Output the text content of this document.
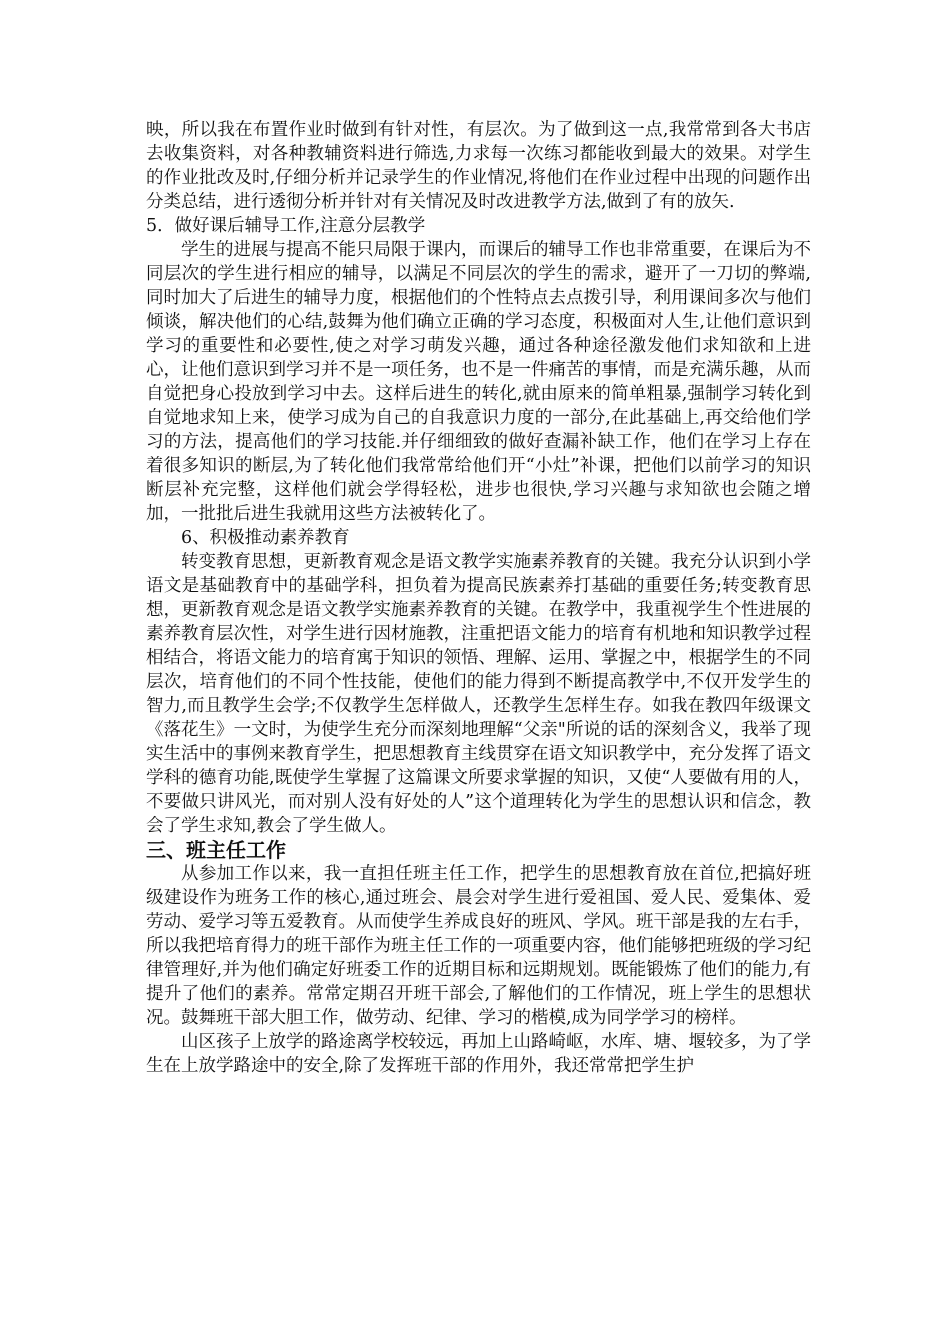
映，所以我在布置作业时做到有针对性，有层次。为了做到这一点,我常常到各大书店去收集资料，对各种教辅资料进行筛选,力求每一次练习都能收到最大的效果。对学生的作业批改及时,仔细分析并记录学生的作业情况,将他们在作业过程中出现的问题作出分类总结，进行透彻分析并针对有关情况及时改进教学方法,做到了有的放矢.

5．做好课后辅导工作,注意分层教学

学生的进展与提高不能只局限于课内，而课后的辅导工作也非常重要，在课后为不同层次的学生进行相应的辅导，以满足不同层次的学生的需求，避开了一刀切的弊端,同时加大了后进生的辅导力度，根据他们的个性特点去点拨引导，利用课间多次与他们倾谈，解决他们的心结,鼓舞为他们确立正确的学习态度，积极面对人生,让他们意识到学习的重要性和必要性,使之对学习萌发兴趣，通过各种途径激发他们求知欲和上进心，让他们意识到学习并不是一项任务，也不是一件痛苦的事情，而是充满乐趣，从而自觉把身心投放到学习中去。这样后进生的转化,就由原来的简单粗暴,强制学习转化到自觉地求知上来，使学习成为自己的自我意识力度的一部分,在此基础上,再交给他们学习的方法，提高他们的学习技能.并仔细细致的做好查漏补缺工作，他们在学习上存在着很多知识的断层,为了转化他们我常常给他们开“小灶”补课，把他们以前学习的知识断层补充完整，这样他们就会学得轻松，进步也很快,学习兴趣与求知欲也会随之增加，一批批后进生我就用这些方法被转化了。

6、积极推动素养教育

转变教育思想，更新教育观念是语文教学实施素养教育的关键。我充分认识到小学语文是基础教育中的基础学科，担负着为提高民族素养打基础的重要任务;转变教育思想，更新教育观念是语文教学实施素养教育的关键。在教学中，我重视学生个性进展的素养教育层次性，对学生进行因材施教，注重把语文能力的培育有机地和知识教学过程相结合，将语文能力的培育寓于知识的领悟、理解、运用、掌握之中，根据学生的不同层次，培育他们的不同个性技能，使他们的能力得到不断提高教学中,不仅开发学生的智力,而且教学生会学;不仅教学生怎样做人，还教学生怎样生存。如我在教四年级课文《落花生》一文时，为使学生充分而深刻地理解“父亲"所说的话的深刻含义，我举了现实生活中的事例来教育学生，把思想教育主线贯穿在语文知识教学中，充分发挥了语文学科的德育功能,既使学生掌握了这篇课文所要求掌握的知识，又使“人要做有用的人，不要做只讲风光，而对别人没有好处的人”这个道理转化为学生的思想认识和信念，教会了学生求知,教会了学生做人。

三、班主任工作

从参加工作以来，我一直担任班主任工作，把学生的思想教育放在首位,把搞好班级建设作为班务工作的核心,通过班会、晨会对学生进行爱祖国、爱人民、爱集体、爱劳动、爱学习等五爱教育。从而使学生养成良好的班风、学风。班干部是我的左右手，所以我把培育得力的班干部作为班主任工作的一项重要内容，他们能够把班级的学习纪律管理好,并为他们确定好班委工作的近期目标和远期规划。既能锻炼了他们的能力,有提升了他们的素养。常常定期召开班干部会,了解他们的工作情况，班上学生的思想状况。鼓舞班干部大胆工作，做劳动、纪律、学习的楷模,成为同学学习的榜样。

山区孩子上放学的路途离学校较远，再加上山路崎岖，水库、塘、堰较多，为了学生在上放学路途中的安全,除了发挥班干部的作用外，我还常常把学生护
